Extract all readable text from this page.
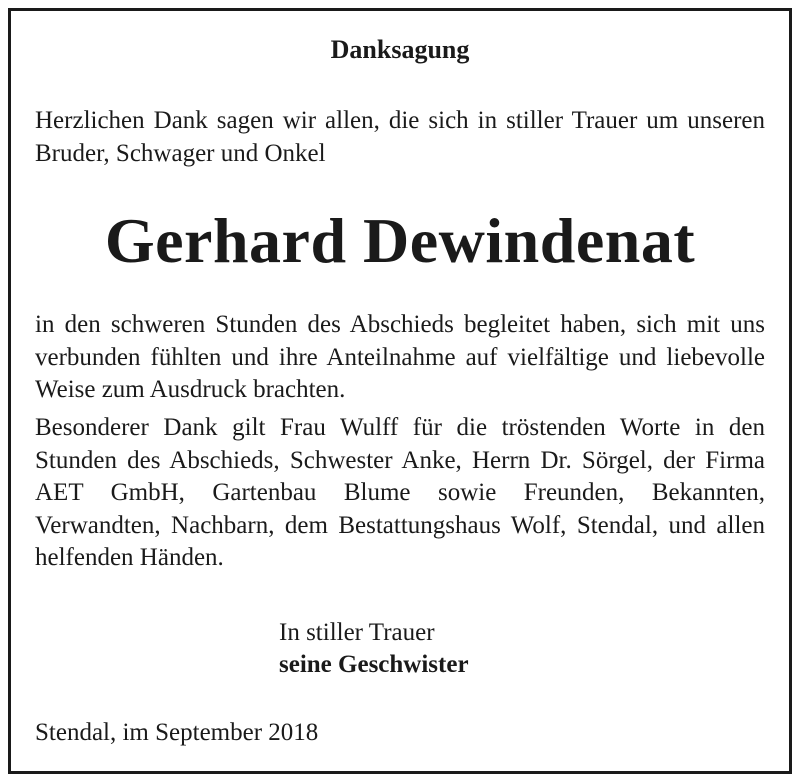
Danksagung

Herzlichen Dank sagen wir allen, die sich in stiller Trauer um unseren Bruder, Schwager und Onkel

Gerhard Dewindenat

in den schweren Stunden des Abschieds begleitet haben, sich mit uns verbunden fühlten und ihre Anteilnahme auf vielfältige und liebevolle Weise zum Ausdruck brachten.

Besonderer Dank gilt Frau Wulff für die tröstenden Worte in den Stunden des Abschieds, Schwester Anke, Herrn Dr. Sörgel, der Firma AET GmbH, Gartenbau Blume sowie Freunden, Bekannten, Verwandten, Nachbarn, dem Bestattungshaus Wolf, Stendal, und allen helfenden Händen.

In stiller Trauer
seine Geschwister
Stendal, im September 2018
